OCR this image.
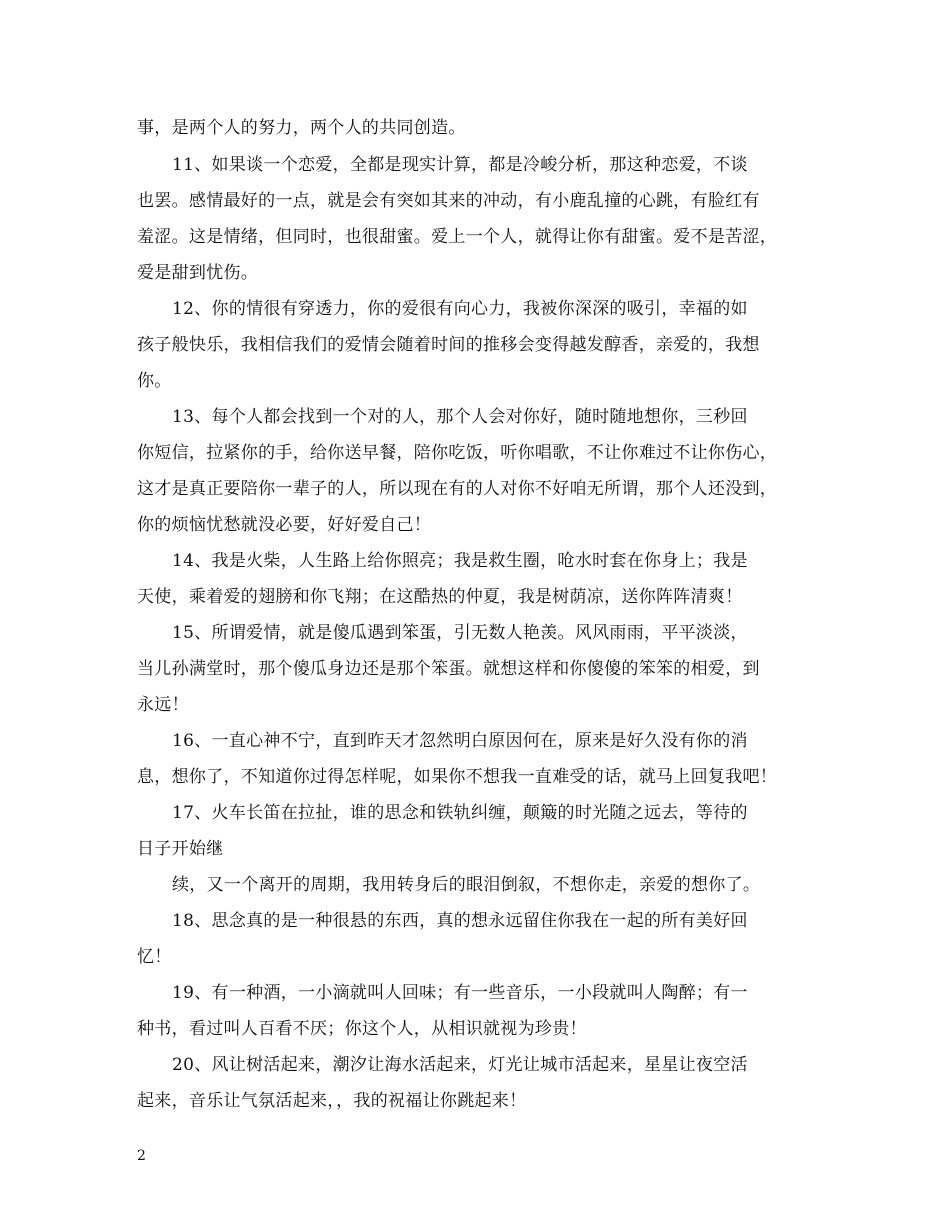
事，是两个人的努力，两个人的共同创造。
11、如果谈一个恋爱，全都是现实计算，都是冷峻分析，那这种恋爱，不谈
也罢。感情最好的一点，就是会有突如其来的冲动，有小鹿乱撞的心跳，有脸红有
羞涩。这是情绪，但同时，也很甜蜜。爱上一个人，就得让你有甜蜜。爱不是苦涩，
爱是甜到忧伤。
12、你的情很有穿透力，你的爱很有向心力，我被你深深的吸引，幸福的如
孩子般快乐，我相信我们的爱情会随着时间的推移会变得越发醇香，亲爱的，我想
你。
13、每个人都会找到一个对的人，那个人会对你好，随时随地想你，三秒回
你短信，拉紧你的手，给你送早餐，陪你吃饭，听你唱歌，不让你难过不让你伤心，
这才是真正要陪你一辈子的人，所以现在有的人对你不好咱无所谓，那个人还没到，
你的烦恼忧愁就没必要，好好爱自己！
14、我是火柴，人生路上给你照亮；我是救生圈，呛水时套在你身上；我是
天使，乘着爱的翅膀和你飞翔；在这酷热的仲夏，我是树荫凉，送你阵阵清爽！
15、所谓爱情，就是傻瓜遇到笨蛋，引无数人艳羡。风风雨雨，平平淡淡，
当儿孙满堂时，那个傻瓜身边还是那个笨蛋。就想这样和你傻傻的笨笨的相爱，到
永远！
16、一直心神不宁，直到昨天才忽然明白原因何在，原来是好久没有你的消
息，想你了，不知道你过得怎样呢，如果你不想我一直难受的话，就马上回复我吧！
17、火车长笛在拉扯，谁的思念和铁轨纠缠，颠簸的时光随之远去，等待的
日子开始继
续，又一个离开的周期，我用转身后的眼泪倒叙，不想你走，亲爱的想你了。
18、思念真的是一种很悬的东西，真的想永远留住你我在一起的所有美好回
忆！
19、有一种酒，一小滴就叫人回味；有一些音乐，一小段就叫人陶醉；有一
种书，看过叫人百看不厌；你这个人，从相识就视为珍贵！
20、风让树活起来，潮汐让海水活起来，灯光让城市活起来，星星让夜空活
起来，音乐让气氛活起来，，我的祝福让你跳起来！
2
